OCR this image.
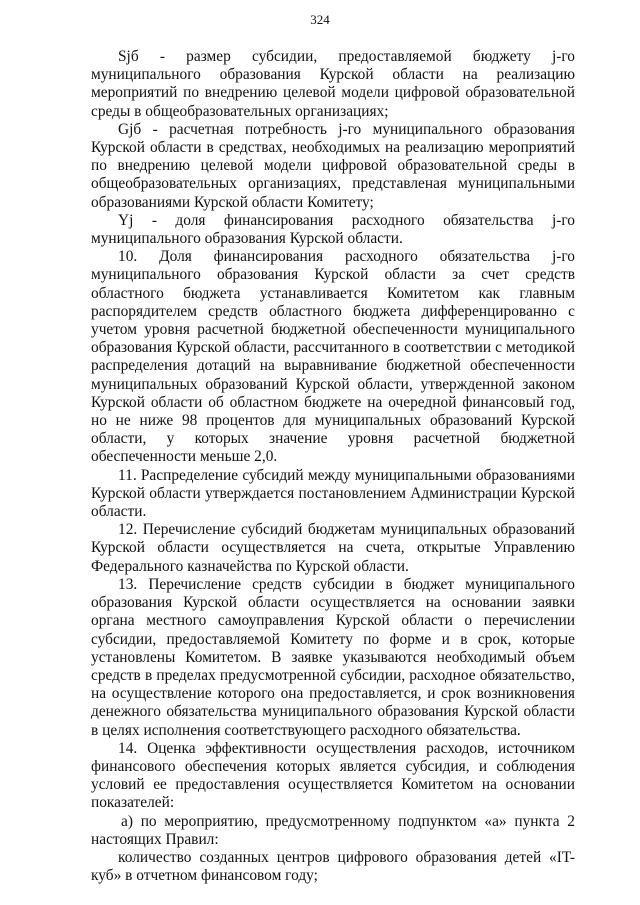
324

Sjб - размер субсидии, предоставляемой бюджету j-го муниципального образования Курской области на реализацию мероприятий по внедрению целевой модели цифровой образовательной среды в общеобразовательных организациях;

Gjб - расчетная потребность j-го муниципального образования Курской области в средствах, необходимых на реализацию мероприятий по внедрению целевой модели цифровой образовательной среды в общеобразовательных организациях, представленая муниципальными образованиями Курской области Комитету;

Yj - доля финансирования расходного обязательства j-го муниципального образования Курской области.

10. Доля финансирования расходного обязательства j-го муниципального образования Курской области за счет средств областного бюджета устанавливается Комитетом как главным распорядителем средств областного бюджета дифференцированно с учетом уровня расчетной бюджетной обеспеченности муниципального образования Курской области, рассчитанного в соответствии с методикой распределения дотаций на выравнивание бюджетной обеспеченности муниципальных образований Курской области, утвержденной законом Курской области об областном бюджете на очередной финансовый год, но не ниже 98 процентов для муниципальных образований Курской области, у которых значение уровня расчетной бюджетной обеспеченности меньше 2,0.

11. Распределение субсидий между муниципальными образованиями Курской области утверждается постановлением Администрации Курской области.

12. Перечисление субсидий бюджетам муниципальных образований Курской области осуществляется на счета, открытые Управлению Федерального казначейства по Курской области.

13. Перечисление средств субсидии в бюджет муниципального образования Курской области осуществляется на основании заявки органа местного самоуправления Курской области о перечислении субсидии, предоставляемой Комитету по форме и в срок, которые установлены Комитетом. В заявке указываются необходимый объем средств в пределах предусмотренной субсидии, расходное обязательство, на осуществление которого она предоставляется, и срок возникновения денежного обязательства муниципального образования Курской области в целях исполнения соответствующего расходного обязательства.

14. Оценка эффективности осуществления расходов, источником финансового обеспечения которых является субсидия, и соблюдения условий ее предоставления осуществляется Комитетом на основании показателей:

а) по мероприятию, предусмотренному подпунктом «а» пункта 2 настоящих Правил:

количество созданных центров цифрового образования детей «IT-куб» в отчетном финансовом году;
